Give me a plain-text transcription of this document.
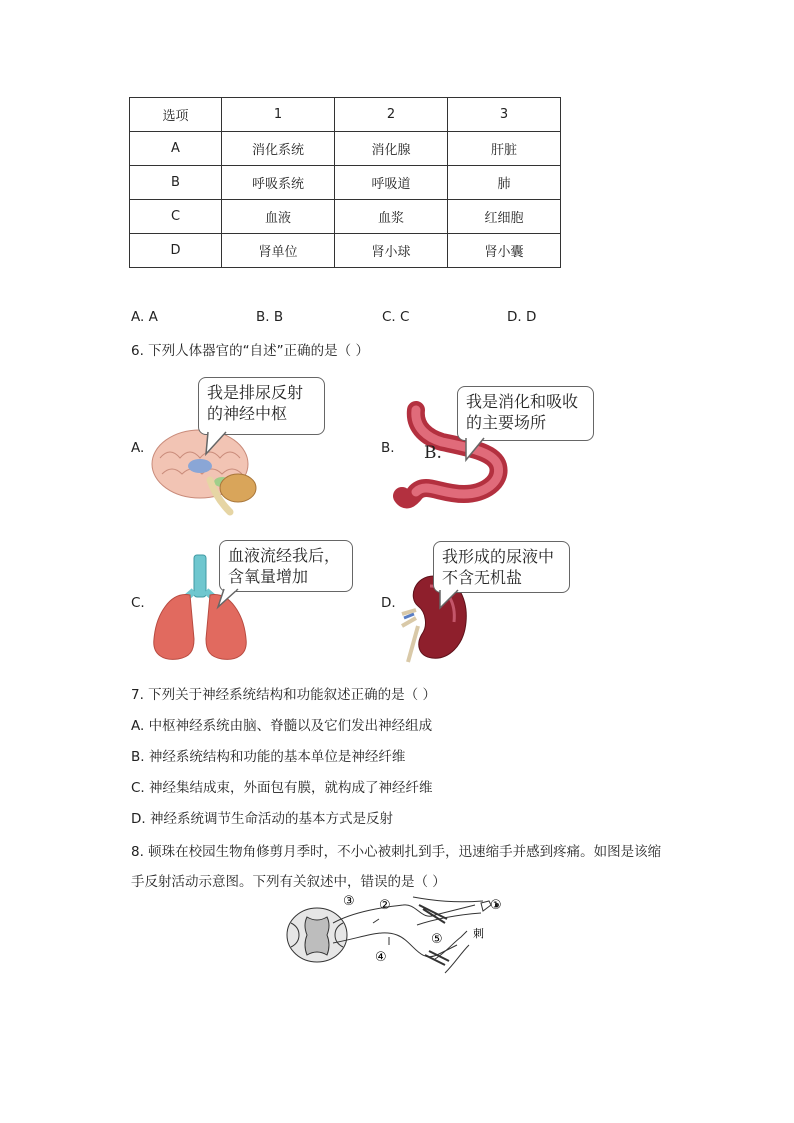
选项	1	2	3
A	消化系统	消化腺	肝脏
B	呼吸系统	呼吸道	肺
C	血液	血浆	红细胞
D	肾单位	肾小球	肾小囊
A. A	B. B	C. C	D. D
6. 下列人体器官的“自述”正确的是（ ）
A.
我是排尿反射
的神经中枢
B. B.
我是消化和吸收
的主要场所
C.
血液流经我后，
含氧量增加
D.
我形成的尿液中
不含无机盐
7. 下列关于神经系统结构和功能叙述正确的是（ ）
A. 中枢神经系统由脑、脊髓以及它们发出神经组成
B. 神经系统结构和功能的基本单位是神经纤维
C. 神经集结成束，外面包有膜，就构成了神经纤维
D. 神经系统调节生命活动的基本方式是反射
8. 顿珠在校园生物角修剪月季时，不小心被刺扎到手，迅速缩手并感到疼痛。如图是该缩
手反射活动示意图。下列有关叙述中，错误的是（ ）
③ ②	①
⑤
④
刺
